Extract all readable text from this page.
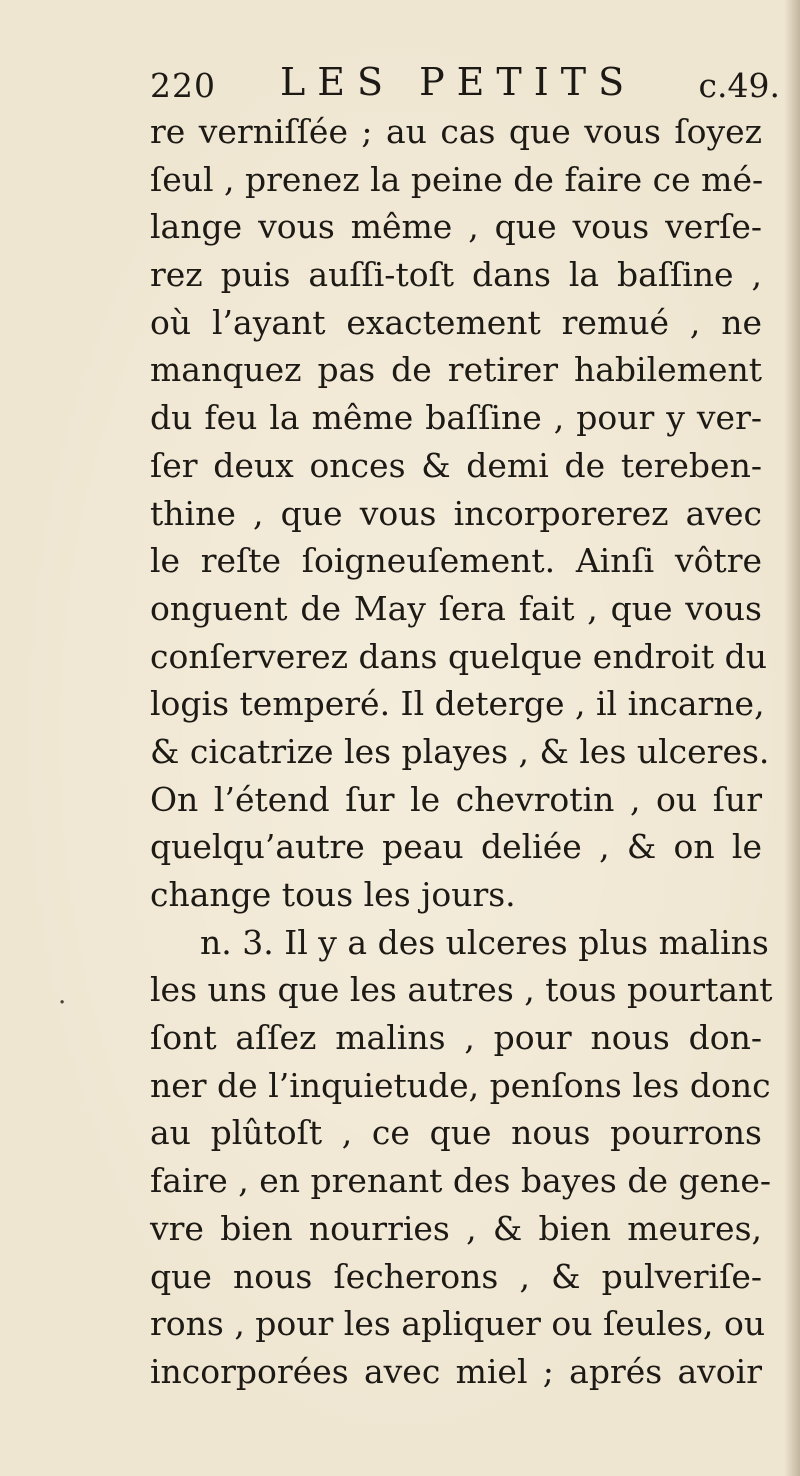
220 LES PETITS c.49.
·
re verniſſée ; au cas que vous ſoyez
ſeul , prenez la peine de faire ce mé-
lange vous même , que vous verſe-
rez puis auſſi-toſt dans la baſſine ,
où l’ayant exactement remué , ne
manquez pas de retirer habilement
du feu la même baſſine , pour y ver-
ſer deux onces & demi de tereben-
thine , que vous incorporerez avec
le reſte ſoigneuſement. Ainſi vôtre
onguent de May ſera fait , que vous
conſerverez dans quelque endroit du
logis temperé. Il deterge , il incarne,
& cicatrize les playes , & les ulceres.
On l’étend ſur le chevrotin , ou ſur
quelqu’autre peau deliée , & on le
change tous les jours.
n. 3. Il y a des ulceres plus malins
les uns que les autres , tous pourtant
ſont aſſez malins , pour nous don-
ner de l’inquietude, penſons les donc
au plûtoſt , ce que nous pourrons
faire , en prenant des bayes de gene-
vre bien nourries , & bien meures,
que nous ſecherons , & pulveriſe-
rons , pour les apliquer ou ſeules, ou
incorporées avec miel ; aprés avoir
